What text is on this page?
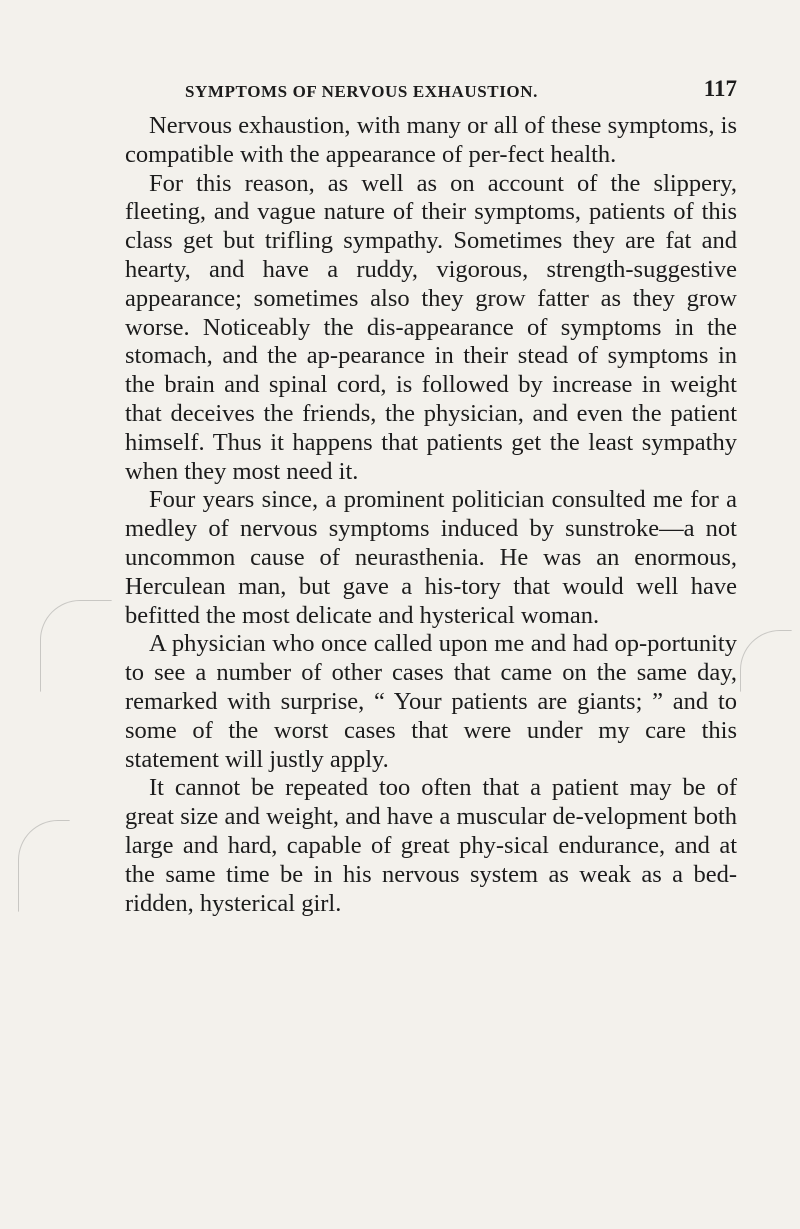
SYMPTOMS OF NERVOUS EXHAUSTION.	117

Nervous exhaustion, with many or all of these symptoms, is compatible with the appearance of per-fect health.

For this reason, as well as on account of the slippery, fleeting, and vague nature of their symptoms, patients of this class get but trifling sympathy. Sometimes they are fat and hearty, and have a ruddy, vigorous, strength-suggestive appearance; sometimes also they grow fatter as they grow worse. Noticeably the dis-appearance of symptoms in the stomach, and the ap-pearance in their stead of symptoms in the brain and spinal cord, is followed by increase in weight that deceives the friends, the physician, and even the patient himself. Thus it happens that patients get the least sympathy when they most need it.

Four years since, a prominent politician consulted me for a medley of nervous symptoms induced by sunstroke—a not uncommon cause of neurasthenia. He was an enormous, Herculean man, but gave a his-tory that would well have befitted the most delicate and hysterical woman.

A physician who once called upon me and had op-portunity to see a number of other cases that came on the same day, remarked with surprise, “ Your patients are giants; ” and to some of the worst cases that were under my care this statement will justly apply.

It cannot be repeated too often that a patient may be of great size and weight, and have a muscular de-velopment both large and hard, capable of great phy-sical endurance, and at the same time be in his nervous system as weak as a bed-ridden, hysterical girl.
